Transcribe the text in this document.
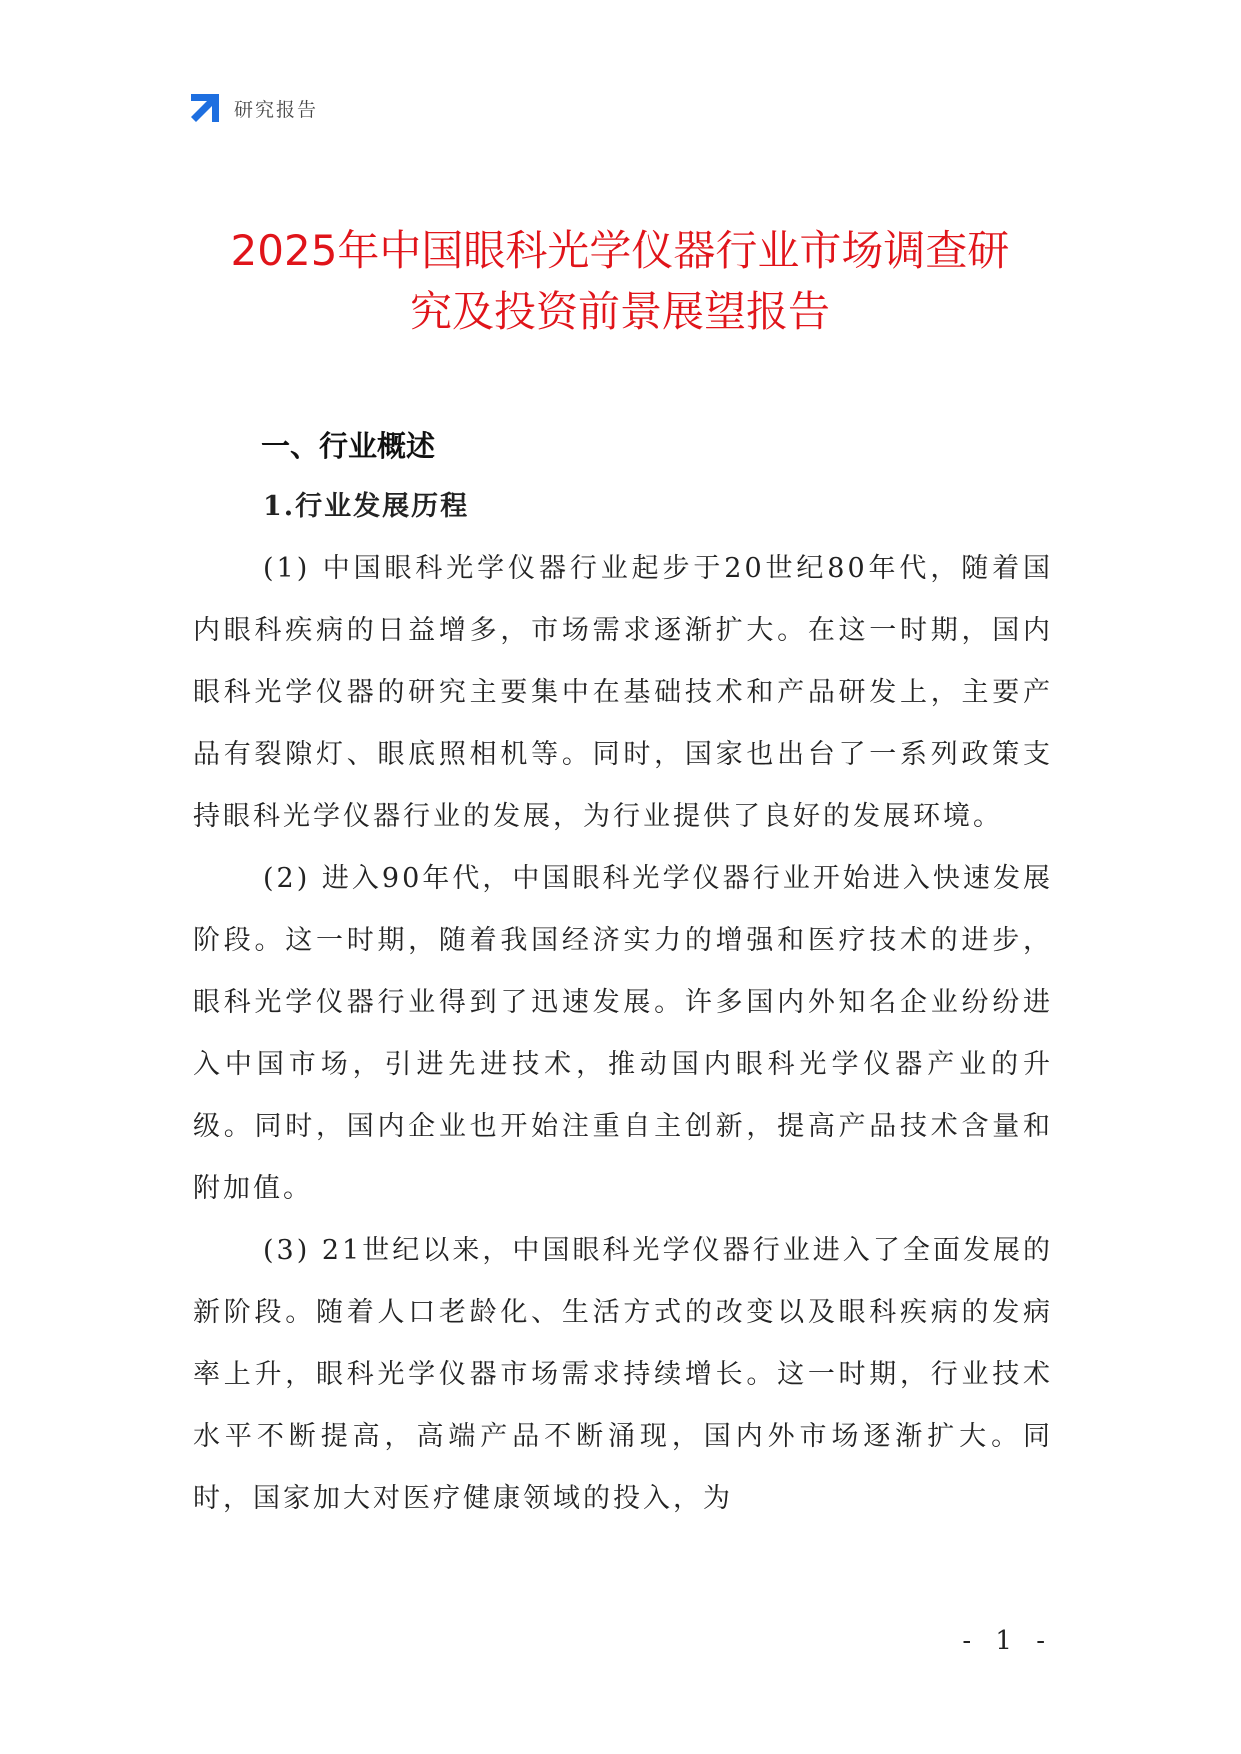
研究报告
2025年中国眼科光学仪器行业市场调查研
究及投资前景展望报告
一、行业概述
1.行业发展历程

(1) 中国眼科光学仪器行业起步于20世纪80年代，随着国内眼科疾病的日益增多，市场需求逐渐扩大。在这一时期，国内眼科光学仪器的研究主要集中在基础技术和产品研发上，主要产品有裂隙灯、眼底照相机等。同时，国家也出台了一系列政策支持眼科光学仪器行业的发展，为行业提供了良好的发展环境。

(2) 进入90年代，中国眼科光学仪器行业开始进入快速发展阶段。这一时期，随着我国经济实力的增强和医疗技术的进步，眼科光学仪器行业得到了迅速发展。许多国内外知名企业纷纷进入中国市场，引进先进技术，推动国内眼科光学仪器产业的升级。同时，国内企业也开始注重自主创新，提高产品技术含量和附加值。

(3) 21世纪以来，中国眼科光学仪器行业进入了全面发展的新阶段。随着人口老龄化、生活方式的改变以及眼科疾病的发病率上升，眼科光学仪器市场需求持续增长。这一时期，行业技术水平不断提高，高端产品不断涌现，国内外市场逐渐扩大。同时，国家加大对医疗健康领域的投入，为

- 1 -
